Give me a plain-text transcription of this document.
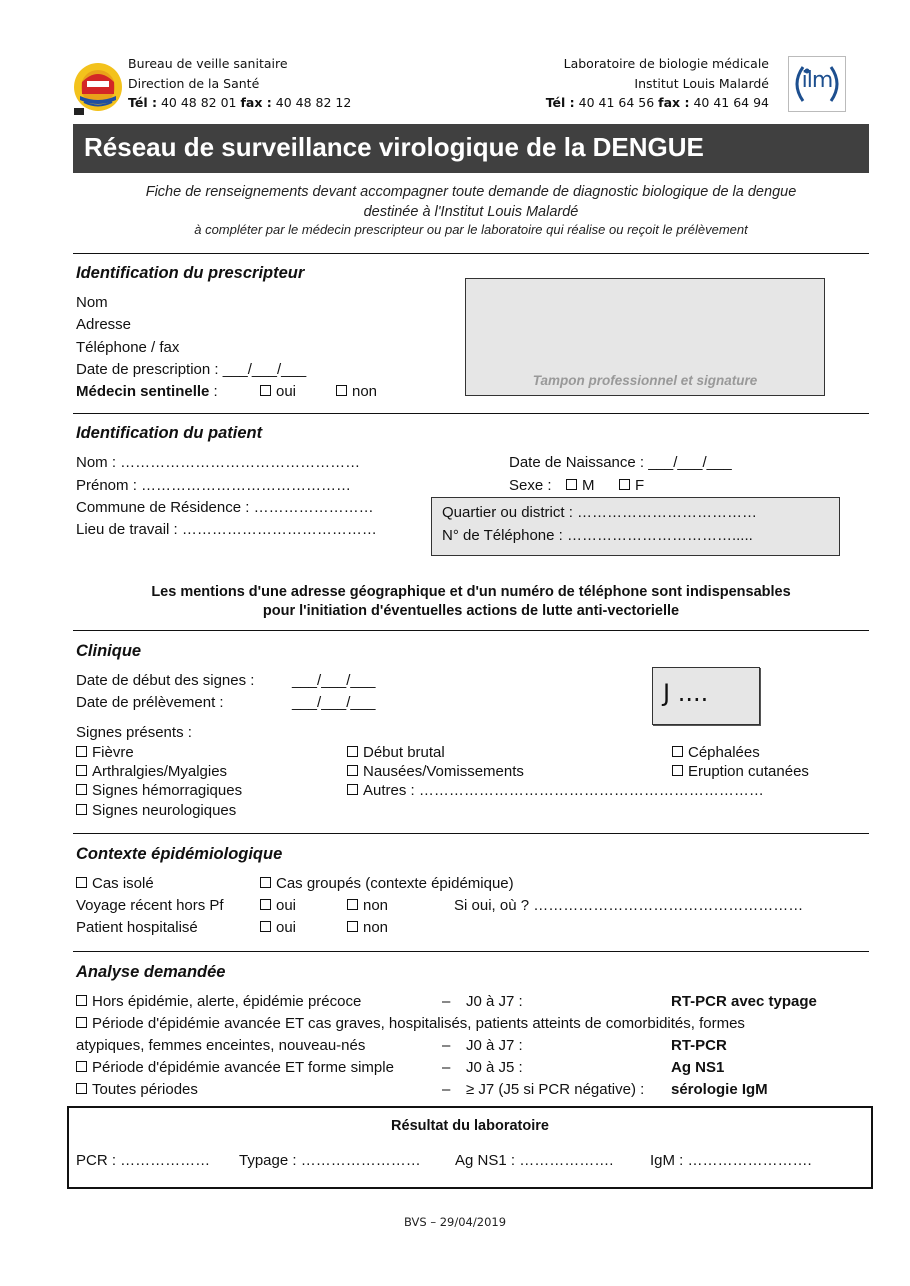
Bureau de veille sanitaire
Direction de la Santé
Tél : 40 48 82 01 fax : 40 48 82 12
Laboratoire de biologie médicale
Institut Louis Malardé
Tél : 40 41 64 56 fax : 40 41 64 94
ilm
Réseau de surveillance virologique de la DENGUE
Fiche de renseignements devant accompagner toute demande de diagnostic biologique de la dengue
destinée à l'Institut Louis Malardé
à compléter par le médecin prescripteur ou par le laboratoire qui réalise ou reçoit le prélèvement
Identification du prescripteur
Nom
Adresse
Téléphone / fax
Date de prescription : ___/___/___
Médecin sentinelle :	oui	non
Tampon professionnel et signature
Identification du patient
Nom : …………………………………………
Prénom : ……………………………………
Commune de Résidence : ……………………
Lieu de travail : …………………………………
Date de Naissance : ___/___/___
Sexe :	M	F
Quartier ou district : ………………………………
N° de Téléphone : …………………………….....
Les mentions d'une adresse géographique et d'un numéro de téléphone sont indispensables
pour l'initiation d'éventuelles actions de lutte anti-vectorielle
Clinique
Date de début des signes :	___/___/___
Date de prélèvement :	___/___/___	J ....
Signes présents :
Fièvre
Arthralgies/Myalgies
Signes hémorragiques
Signes neurologiques
Début brutal
Nausées/Vomissements
Autres : ……………………………………………………………
Céphalées
Eruption cutanées
Contexte épidémiologique
Cas isolé	Cas groupés (contexte épidémique)
Voyage récent hors Pf	oui	non	Si oui, où ? ………………………………………………
Patient hospitalisé	oui	non
Analyse demandée
Hors épidémie, alerte, épidémie précoce	– J0 à J7 :	RT-PCR avec typage
Période d'épidémie avancée ET cas graves, hospitalisés, patients atteints de comorbidités, formes
atypiques, femmes enceintes, nouveau-nés	– J0 à J7 :	RT-PCR
Période d'épidémie avancée ET forme simple	– J0 à J5 :	Ag NS1
Toutes périodes	– ≥ J7 (J5 si PCR négative) : sérologie IgM
Résultat du laboratoire
PCR : ……………… Typage : …………………… Ag NS1 : ………………. IgM : …………………….
BVS – 29/04/2019
